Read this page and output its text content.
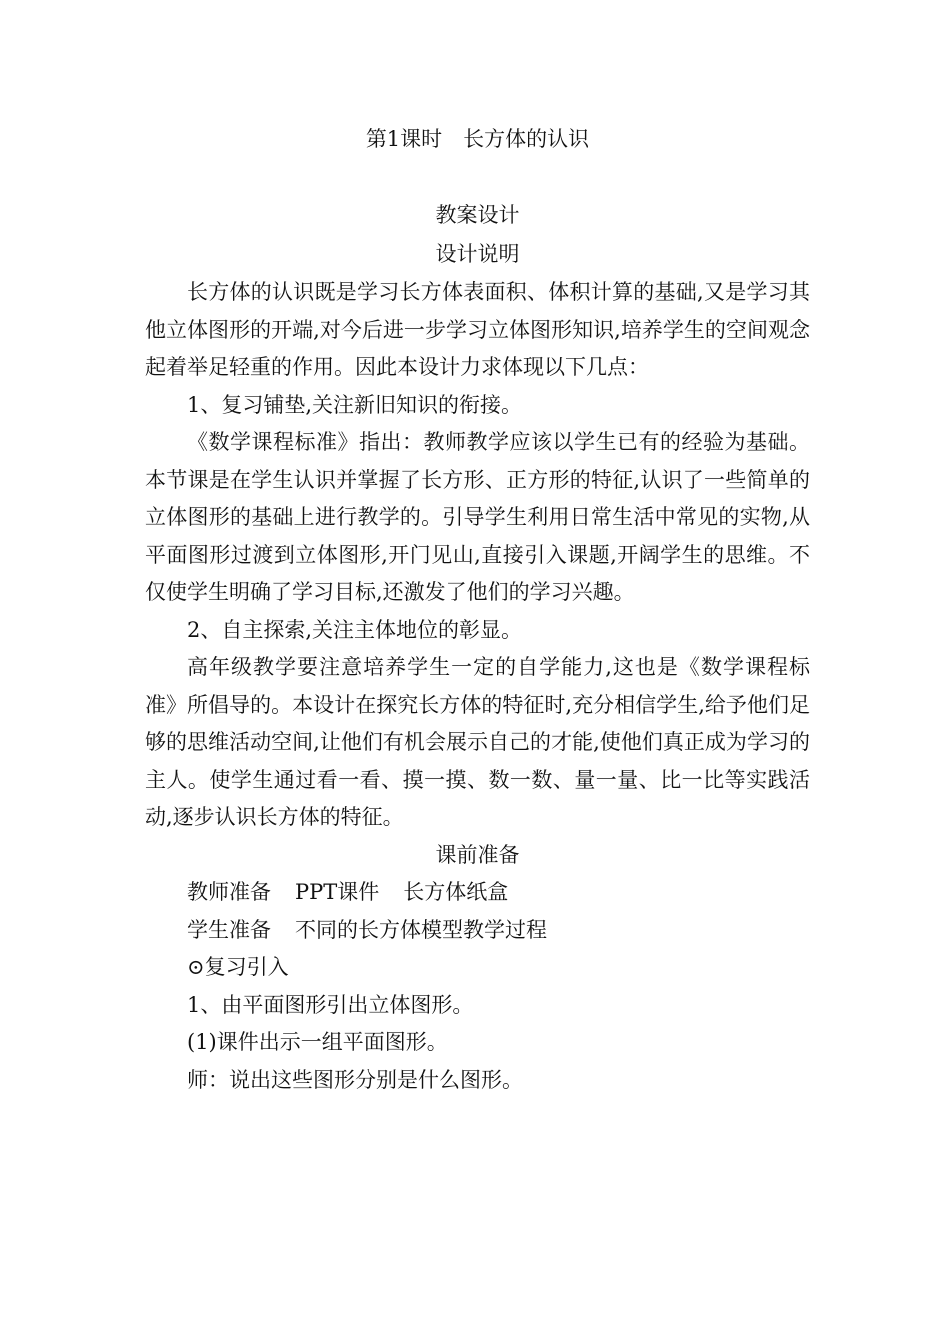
第1课时　长方体的认识

教案设计

设计说明

长方体的认识既是学习长方体表面积、体积计算的基础,又是学习其他立体图形的开端,对今后进一步学习立体图形知识,培养学生的空间观念起着举足轻重的作用。因此本设计力求体现以下几点：

1、复习铺垫,关注新旧知识的衔接。

《数学课程标准》指出：教师教学应该以学生已有的经验为基础。本节课是在学生认识并掌握了长方形、正方形的特征,认识了一些简单的立体图形的基础上进行教学的。引导学生利用日常生活中常见的实物,从平面图形过渡到立体图形,开门见山,直接引入课题,开阔学生的思维。不仅使学生明确了学习目标,还激发了他们的学习兴趣。

2、自主探索,关注主体地位的彰显。

高年级教学要注意培养学生一定的自学能力,这也是《数学课程标准》所倡导的。本设计在探究长方体的特征时,充分相信学生,给予他们足够的思维活动空间,让他们有机会展示自己的才能,使他们真正成为学习的主人。使学生通过看一看、摸一摸、数一数、量一量、比一比等实践活动,逐步认识长方体的特征。

课前准备

教师准备 PPT课件 长方体纸盒

学生准备 不同的长方体模型教学过程

⊙复习引入

1、由平面图形引出立体图形。

(1)课件出示一组平面图形。

师：说出这些图形分别是什么图形。
